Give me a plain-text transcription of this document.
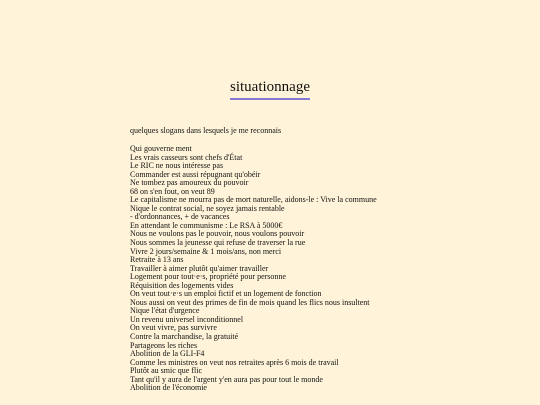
situationnage
quelques slogans dans lesquels je me reconnais
Qui gouverne ment
Les vrais casseurs sont chefs d'État
Le RIC ne nous intéresse pas
Commander est aussi répugnant qu'obéir
Ne tombez pas amoureux du pouvoir
68 on s'en fout, on veut 89
Le capitalisme ne mourra pas de mort naturelle, aidons-le : Vive la commune
Nique le contrat social, ne soyez jamais rentable
- d'ordonnances, + de vacances
En attendant le communisme : Le RSA à 5000€
Nous ne voulons pas le pouvoir, nous voulons pouvoir
Nous sommes la jeunesse qui refuse de traverser la rue
Vivre 2 jours/semaine & 1 mois/ans, non merci
Retraite à 13 ans
Travailler à aimer plutôt qu'aimer travailler
Logement pour tout·e·s, propriété pour personne
Réquisition des logements vides
On veut tout·e·s un emploi fictif et un logement de fonction
Nous aussi on veut des primes de fin de mois quand les flics nous insultent
Nique l'état d'urgence
Un revenu universel inconditionnel
On veut vivre, pas survivre
Contre la marchandise, la gratuité
Partageons les riches
Abolition de la GLI-F4
Comme les ministres on veut nos retraites après 6 mois de travail
Plutôt au smic que flic
Tant qu'il y aura de l'argent y'en aura pas pour tout le monde
Abolition de l'économie
